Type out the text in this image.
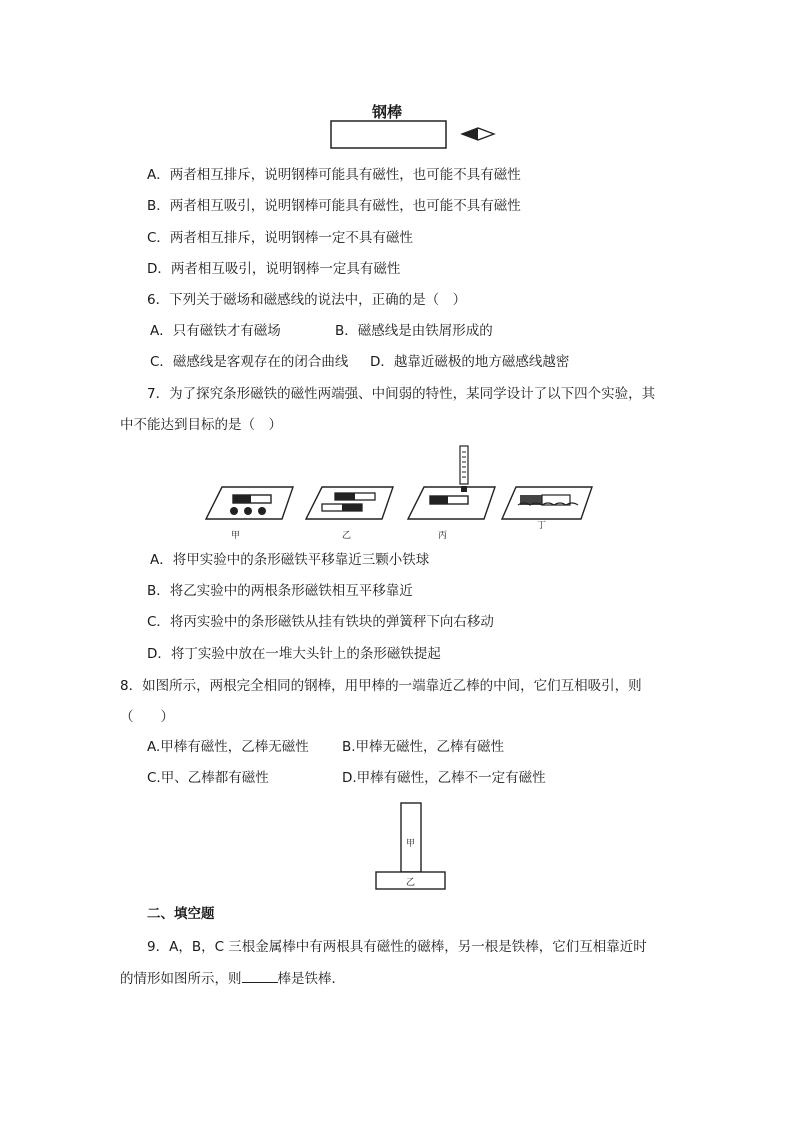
钢棒
A．两者相互排斥，说明钢棒可能具有磁性，也可能不具有磁性
B．两者相互吸引，说明钢棒可能具有磁性，也可能不具有磁性
C．两者相互排斥，说明钢棒一定不具有磁性
D．两者相互吸引，说明钢棒一定具有磁性
6．下列关于磁场和磁感线的说法中，正确的是（　）
A．只有磁铁才有磁场	B．磁感线是由铁屑形成的
C．磁感线是客观存在的闭合曲线 D．越靠近磁极的地方磁感线越密
7．为了探究条形磁铁的磁性两端强、中间弱的特性，某同学设计了以下四个实验，其
中不能达到目标的是（　）
甲	乙	丙
丁
A．将甲实验中的条形磁铁平移靠近三颗小铁球
B．将乙实验中的两根条形磁铁相互平移靠近
C．将丙实验中的条形磁铁从挂有铁块的弹簧秤下向右移动
D．将丁实验中放在一堆大头针上的条形磁铁提起
8．如图所示，两根完全相同的钢棒，用甲棒的一端靠近乙棒的中间，它们互相吸引，则
（　　）
A.甲棒有磁性，乙棒无磁性 B.甲棒无磁性，乙棒有磁性
C.甲、乙棒都有磁性	D.甲棒有磁性，乙棒不一定有磁性
甲
乙
二、填空题
9．A，B，C 三根金属棒中有两根具有磁性的磁棒，另一根是铁棒，它们互相靠近时
的情形如图所示，则	棒是铁棒．
